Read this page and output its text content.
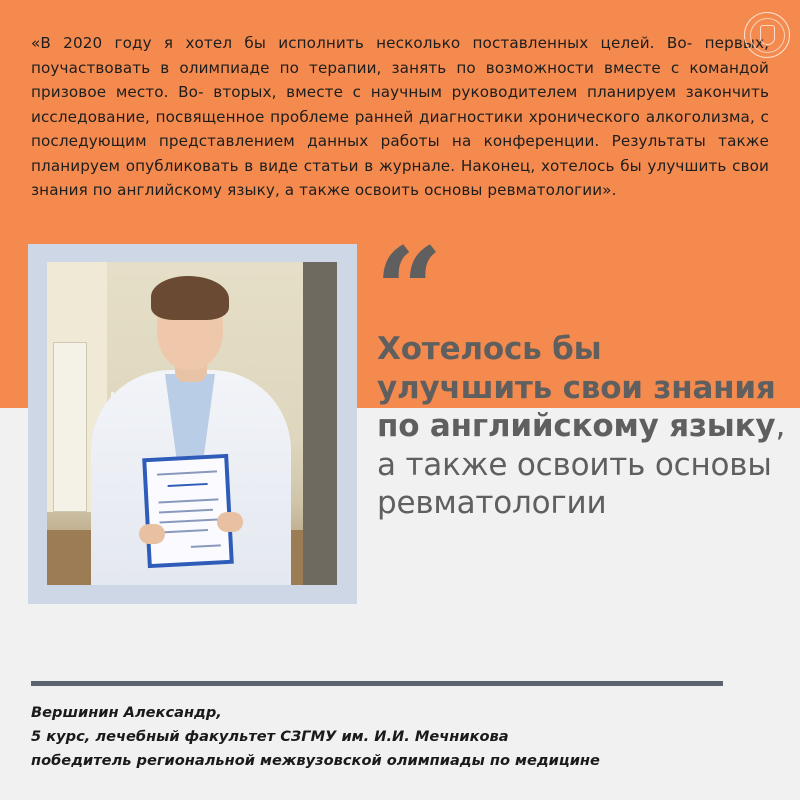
«В 2020 году я хотел бы исполнить несколько поставленных целей. Во- первых, поучаствовать в олимпиаде по терапии, занять по возможности вместе с командой призовое место. Во- вторых, вместе с научным руководителем планируем закончить исследование, посвященное проблеме ранней диагностики хронического алкоголизма, с последующим представлением данных работы на конференции. Результаты также планируем опубликовать в виде статьи в журнале. Наконец, хотелось бы улучшить свои знания по английскому языку, а также освоить основы ревматологии».

“
Хотелось бы улучшить свои знания по английскому языку, а также освоить основы ревматологии
Вершинин Александр,
5 курс, лечебный факультет СЗГМУ им. И.И. Мечникова
победитель региональной межвузовской олимпиады по медицине
